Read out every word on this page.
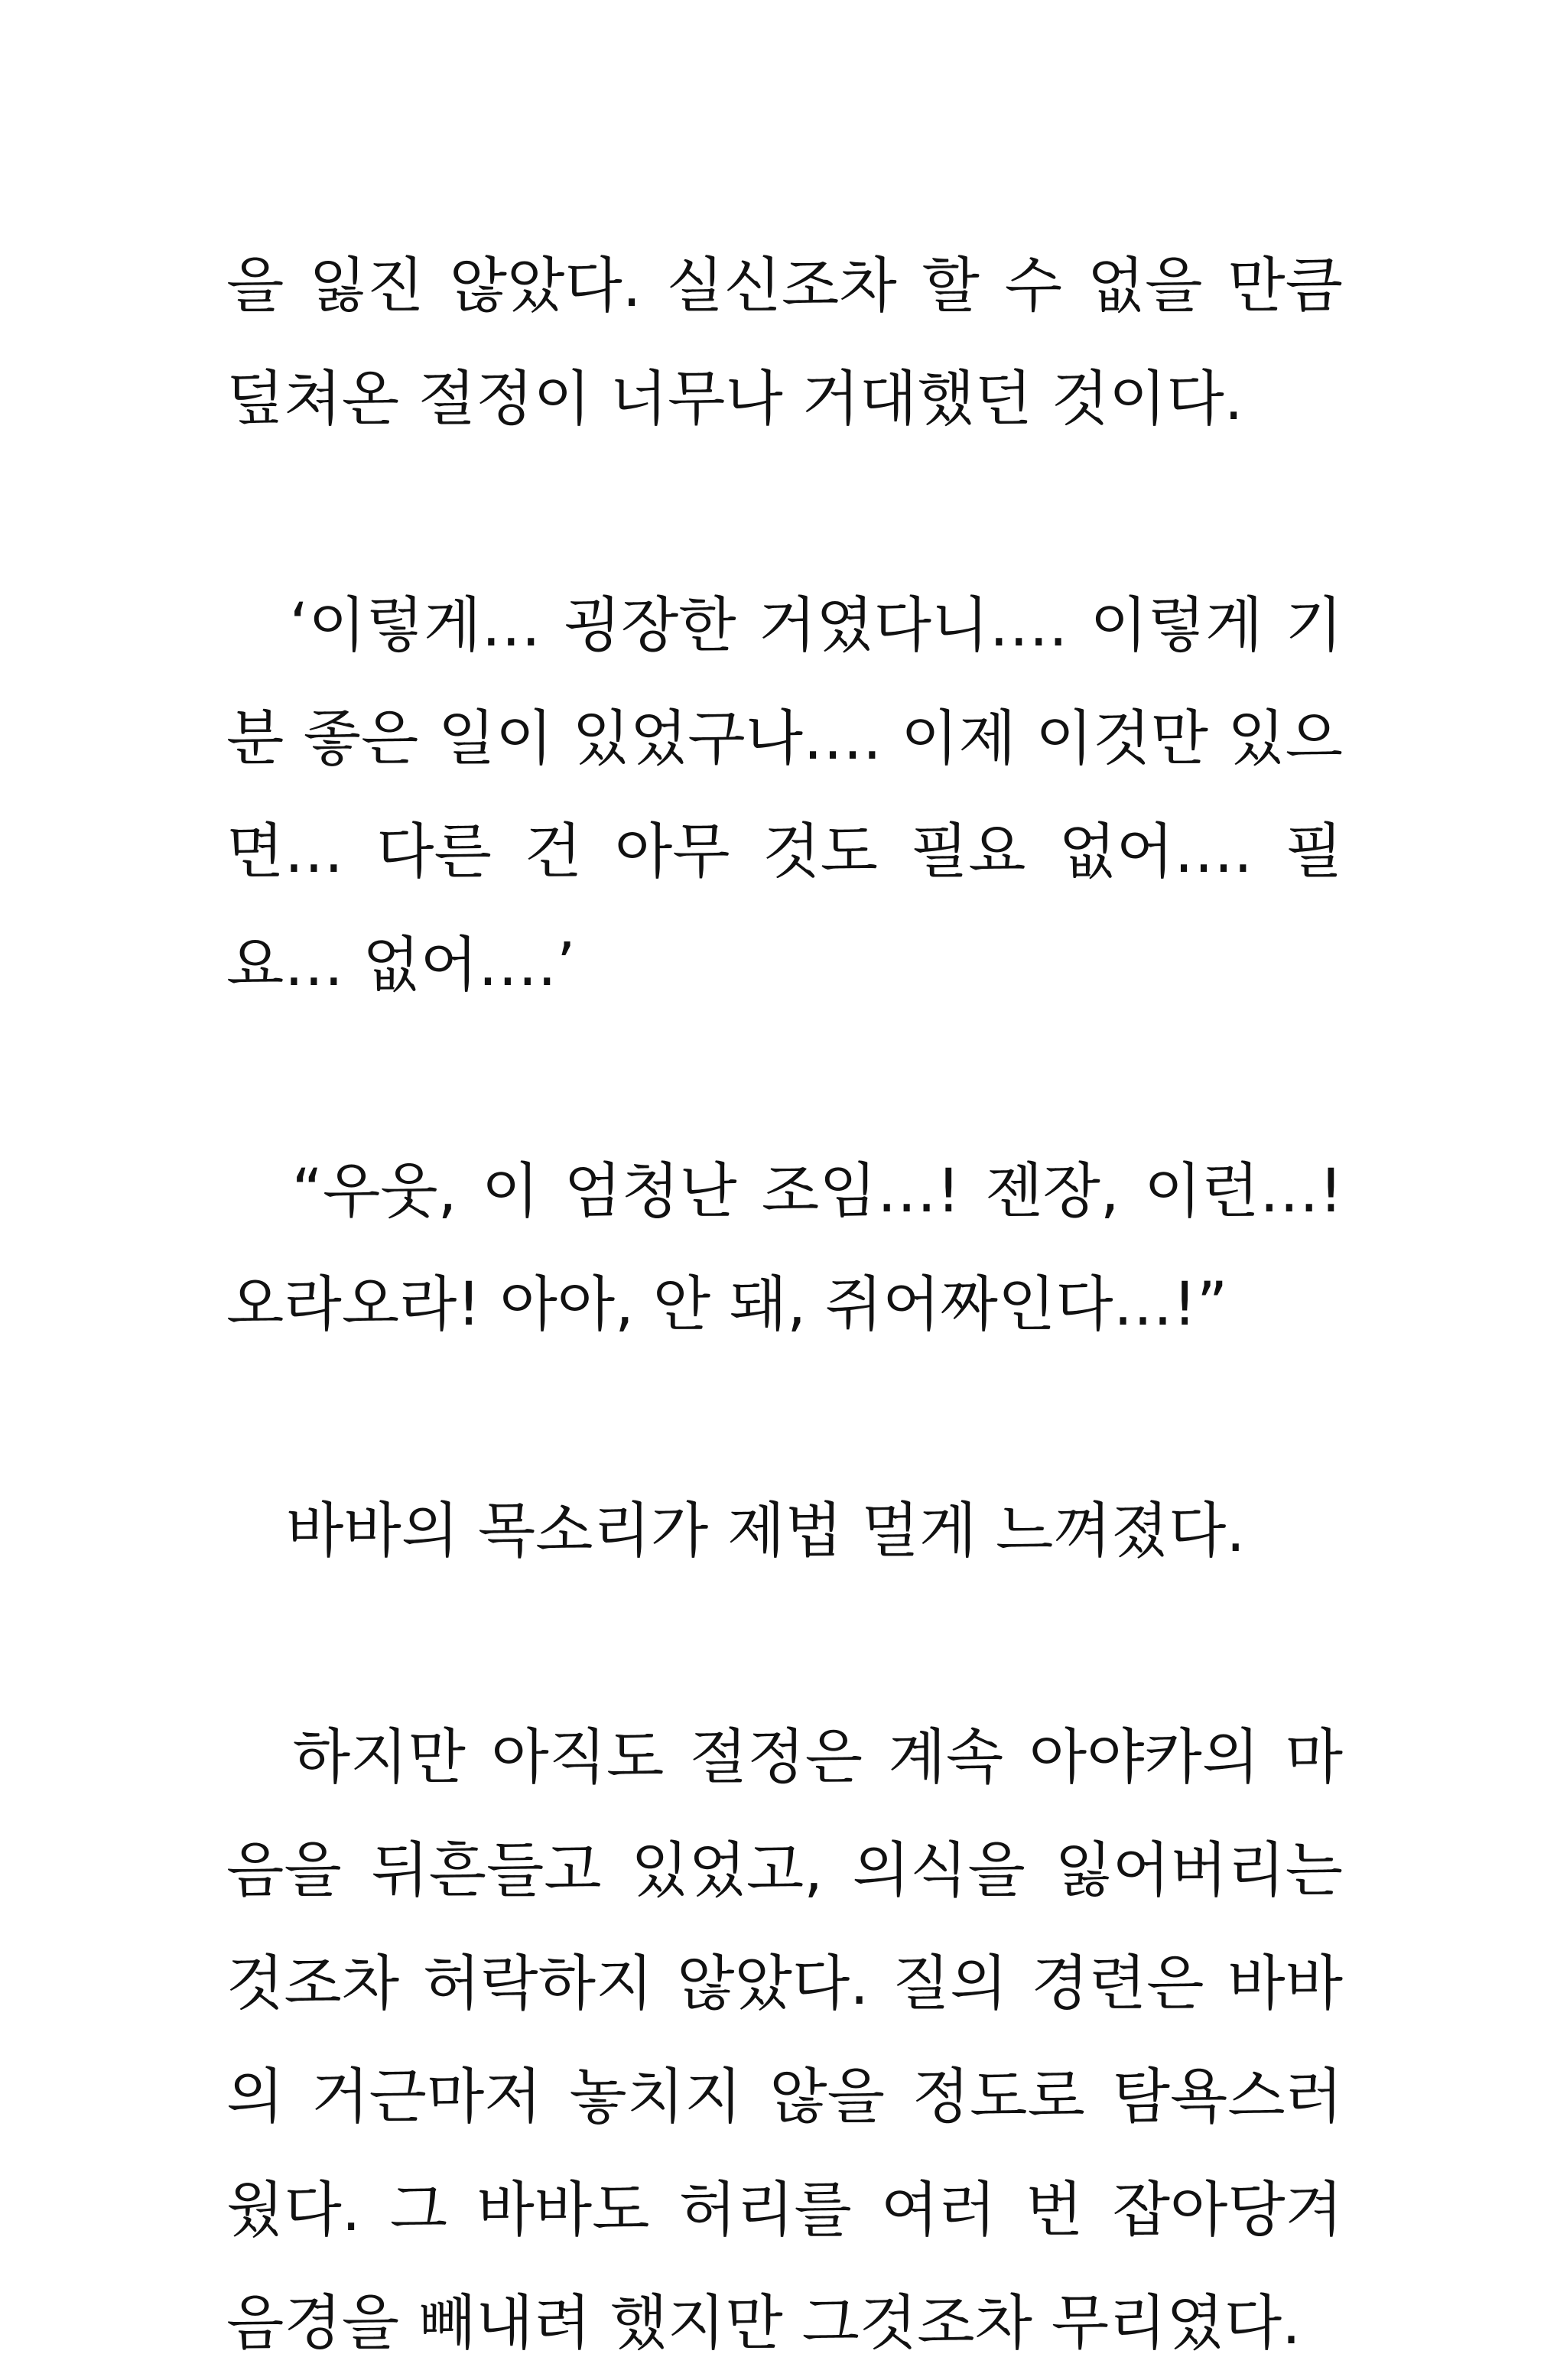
을 잃진 않았다. 실신조차 할 수 없을 만큼
덮쳐온 절정이 너무나 거대했던 것이다.
　‘이렇게… 굉장한 거였다니…. 이렇게 기
분 좋은 일이 있었구나…. 이제 이것만 있으
면… 다른 건 아무 것도 필요 없어…. 필
요… 없어….’
　“우웃, 이 엄청난 조임…! 젠장, 이런…!
오라오라! 아아, 안 돼, 쥐어짜인다…!”
　바바의 목소리가 제법 멀게 느껴졌다.
　하지만 아직도 절정은 계속 아야카의 마
음을 뒤흔들고 있었고, 의식을 잃어버리는
것조차 허락하지 않았다. 질의 경련은 바바
의 거근마저 놓치지 않을 정도로 탐욕스러
웠다. 그 바바도 허리를 여러 번 잡아당겨
음경을 빼내려 했지만 그것조차 무리였다.
